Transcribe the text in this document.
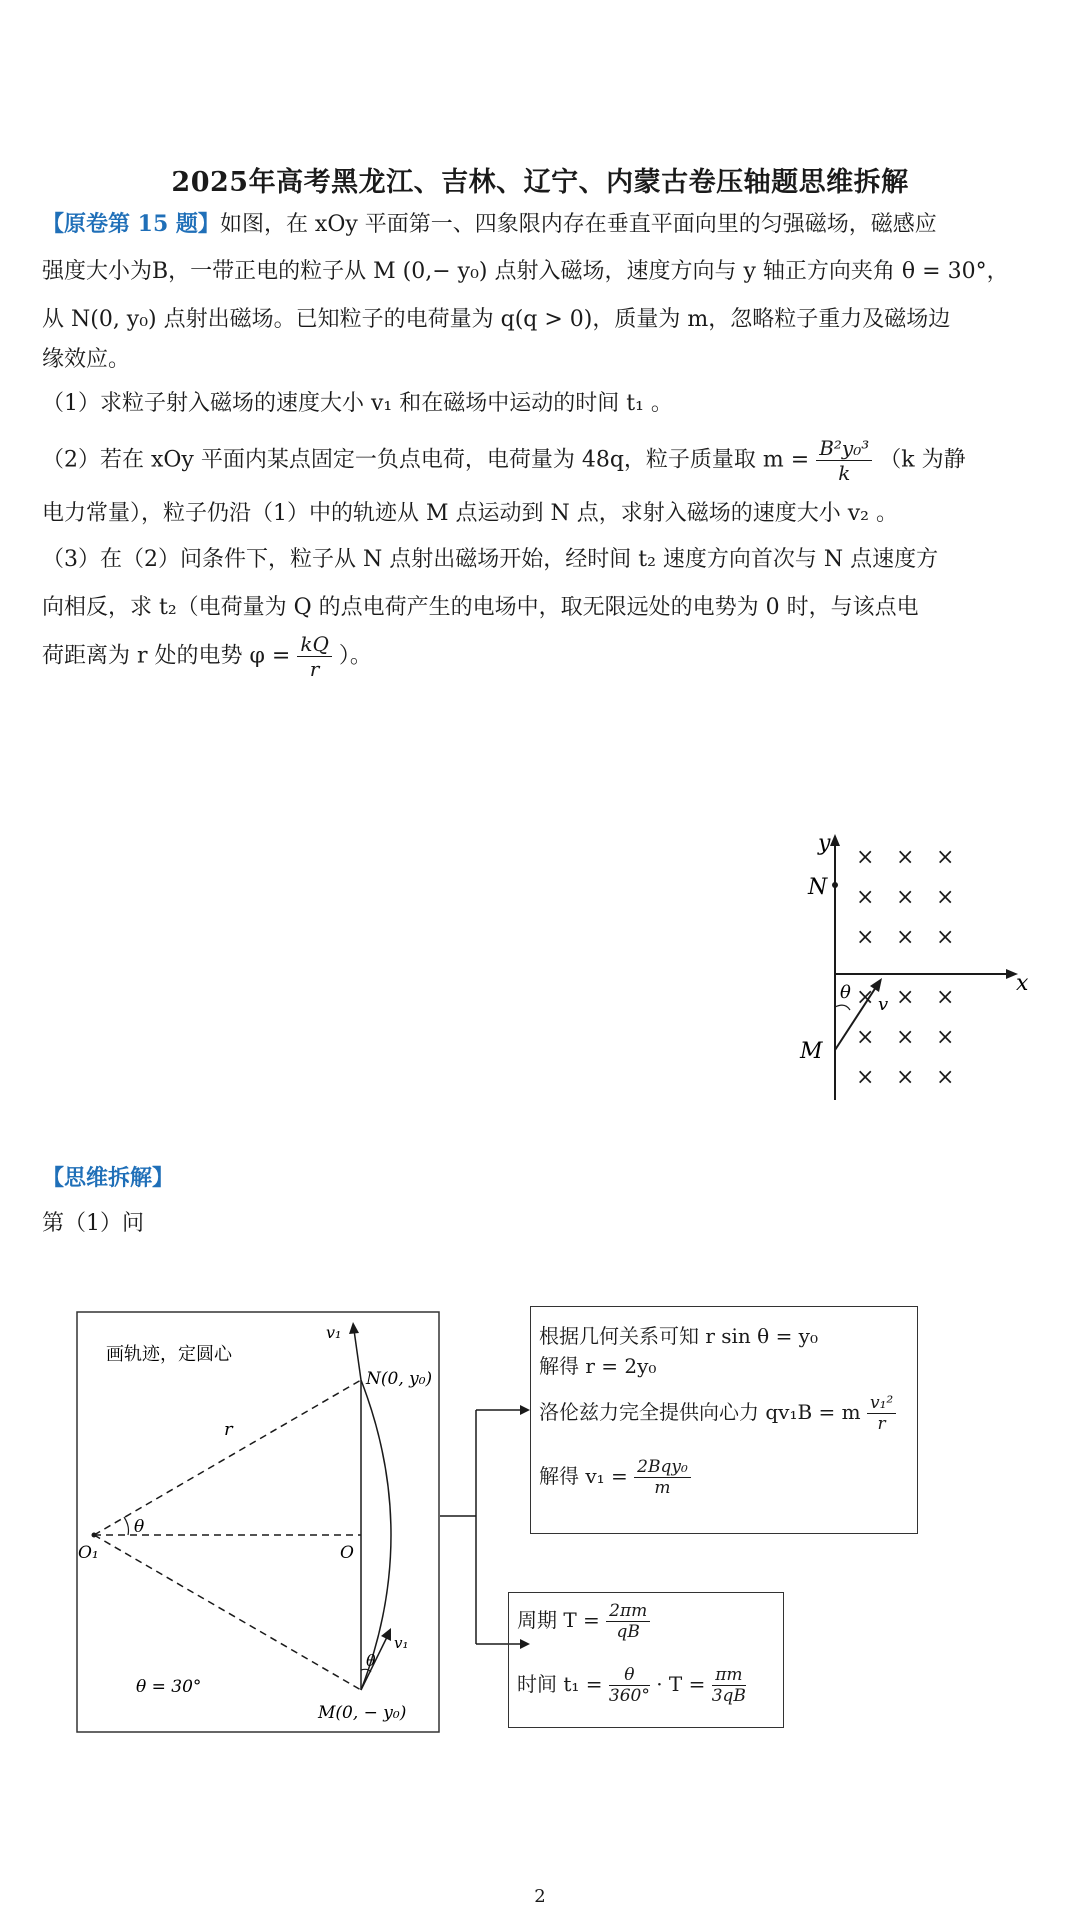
2025年高考黑龙江、吉林、辽宁、内蒙古卷压轴题思维拆解
【原卷第 15 题】如图，在 xOy 平面第一、四象限内存在垂直平面向里的匀强磁场，磁感应
强度大小为B，一带正电的粒子从 M (0,− y₀) 点射入磁场，速度方向与 y 轴正方向夹角 θ = 30°，
从 N(0, y₀) 点射出磁场。已知粒子的电荷量为 q(q > 0)，质量为 m，忽略粒子重力及磁场边
缘效应。
（1）求粒子射入磁场的速度大小 v₁ 和在磁场中运动的时间 t₁ 。
（2）若在 xOy 平面内某点固定一负点电荷，电荷量为 48q，粒子质量取 $m = \frac{\text{B²y₀³}}{k} (k$ 为静
电力常量），粒子仍沿（1）中的轨迹从 M 点运动到 N 点，求射入磁场的速度大小 v₂ 。
（3）在（2）问条件下，粒子从 N 点射出磁场开始，经时间 t₂ 速度方向首次与 N 点速度方
向相反，求 t₂（电荷量为 Q 的点电荷产生的电场中，取无限远处的电势为 0 时，与该点电
荷距离为 r 处的电势 $\varphi = \frac{kQ}{r}$ ）。
y
x
N
M
θ
v
× × ×
× × ×
× × ×
× × ×
× × ×
× × ×
【思维拆解】
第（1）问
画轨迹，定圆心
v₁
N(0, y₀)
r
θ
O₁	O
θ
v₁
M(0, − y₀)
θ = 30°
根据几何关系可知 r sin θ = y₀
解得 r = 2y₀
洛伦兹力完全提供向心力 qv₁B = m $\frac{\text{v₁²}}{r}$
解得 $v_1 = \frac{\text{2Bqy₀}}{m}$
周期 $T = \frac{2\pi m}{qB}$
时间 $t_1 = \frac{\theta}{360^\circ} \cdot T = \frac{\pi m}{3qB}$
2
